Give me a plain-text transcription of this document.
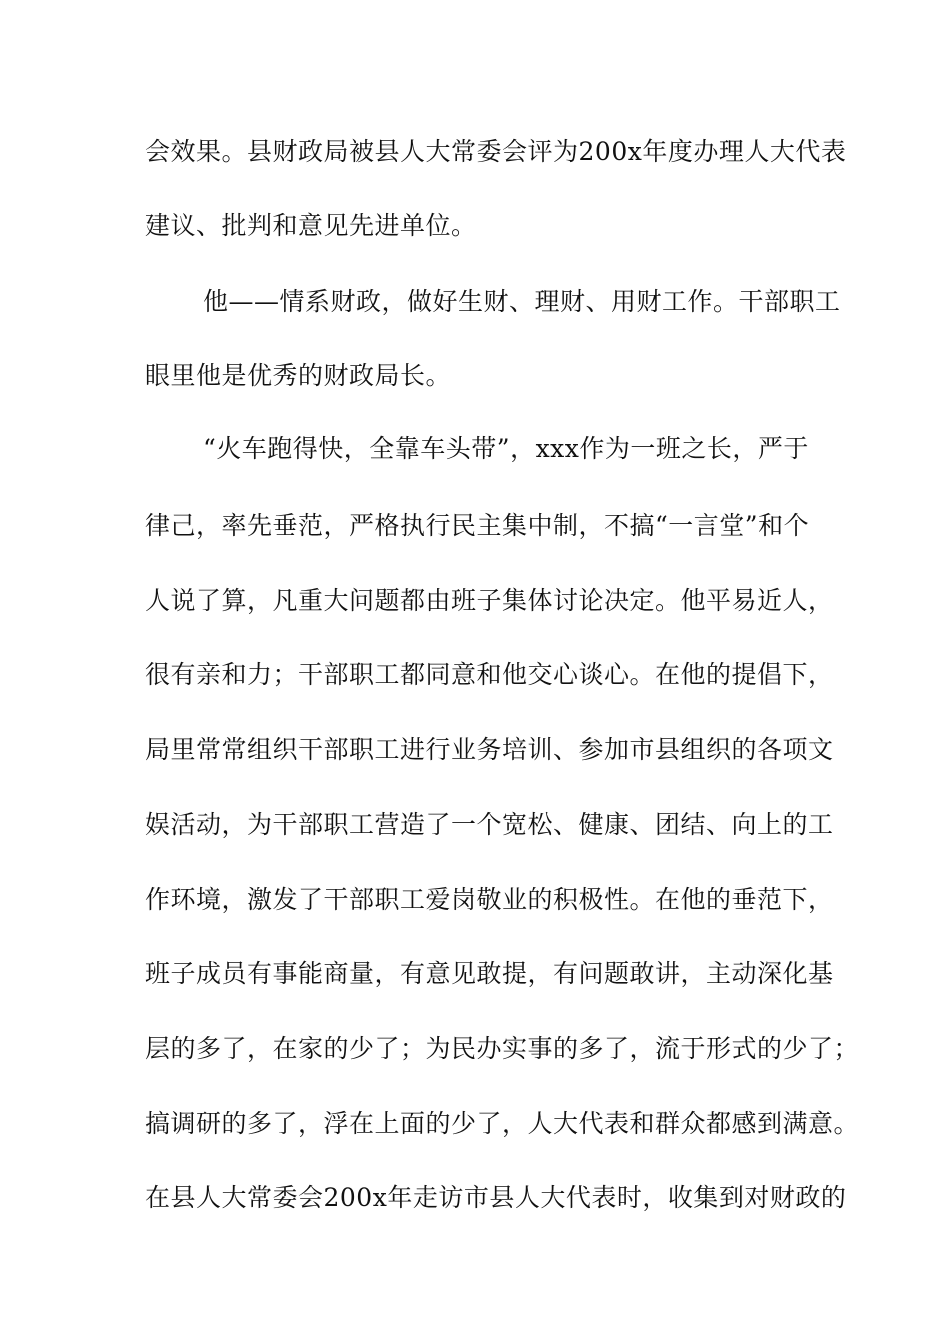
会效果。县财政局被县人大常委会评为200x年度办理人大代表
建议、批判和意见先进单位。
他——情系财政，做好生财、理财、用财工作。干部职工
眼里他是优秀的财政局长。
“火车跑得快，全靠车头带”，xxx作为一班之长，严于
律己，率先垂范，严格执行民主集中制，不搞“一言堂”和个
人说了算，凡重大问题都由班子集体讨论决定。他平易近人，
很有亲和力；干部职工都同意和他交心谈心。在他的提倡下，
局里常常组织干部职工进行业务培训、参加市县组织的各项文
娱活动，为干部职工营造了一个宽松、健康、团结、向上的工
作环境，激发了干部职工爱岗敬业的积极性。在他的垂范下，
班子成员有事能商量，有意见敢提，有问题敢讲，主动深化基
层的多了，在家的少了；为民办实事的多了，流于形式的少了；
搞调研的多了，浮在上面的少了，人大代表和群众都感到满意。
在县人大常委会200x年走访市县人大代表时，收集到对财政的
